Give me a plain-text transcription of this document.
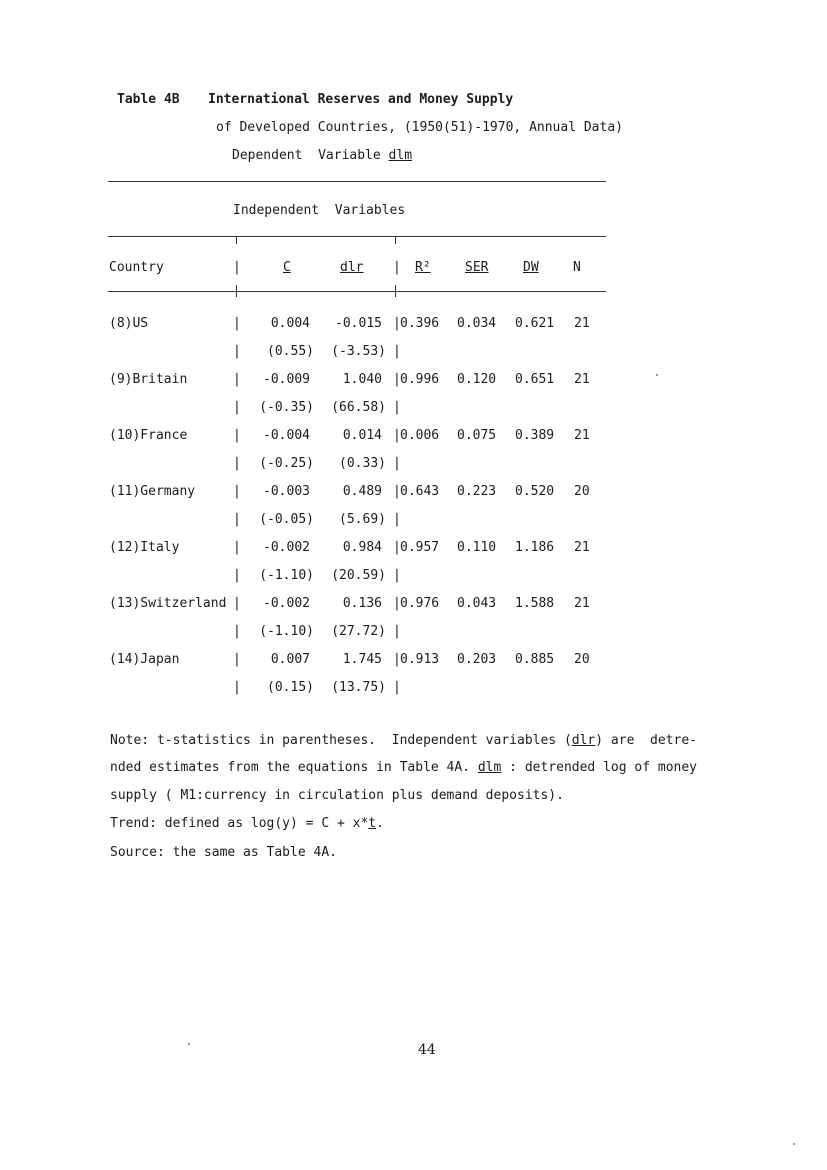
Table 4B International Reserves and Money Supply
of Developed Countries, (1950(51)-1970, Annual Data)
Dependent  Variable dlm
Independent  Variables
Country	|	C	dlr | R²	SER	DW	N
(8)US	|	0.004	-0.015 | 0.396 0.034 0.621 21
|	(0.55)	(-3.53) |
(9)Britain	|	-0.009	1.040 | 0.996 0.120 0.651 21
|	(-0.35)	(66.58) |
(10)France	|	-0.004	0.014 | 0.006 0.075 0.389 21
|	(-0.25)	(0.33) |
(11)Germany	|	-0.003	0.489 | 0.643 0.223 0.520 20
|	(-0.05)	(5.69) |
(12)Italy	|	-0.002	0.984 | 0.957 0.110 1.186 21
|	(-1.10)	(20.59) |
(13)Switzerland |	-0.002	0.136 | 0.976 0.043 1.588 21
|	(-1.10)	(27.72) |
(14)Japan	|	0.007	1.745 | 0.913 0.203 0.885 20
|	(0.15)	(13.75) |
Note: t-statistics in parentheses.  Independent variables (dlr) are  detre-
nded estimates from the equations in Table 4A. dlm : detrended log of money
supply ( M1:currency in circulation plus demand deposits).
Trend: defined as log(y) = C + x*t.
Source: the same as Table 4A.
44
